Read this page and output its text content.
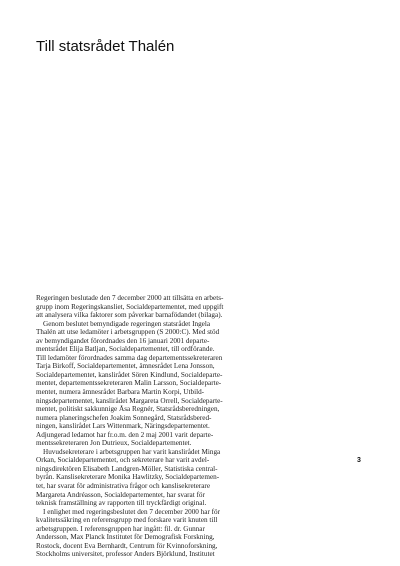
Till statsrådet Thalén

Regeringen beslutade den 7 december 2000 att tillsätta en arbets-
grupp inom Regeringskansliet, Socialdepartementet, med uppgift
att analysera vilka faktorer som påverkar barnafödandet (bilaga).

Genom beslutet bemyndigade regeringen statsrådet Ingela
Thalén att utse ledamöter i arbetsgruppen (S 2000:C). Med stöd
av bemyndigandet förordnades den 16 januari 2001 departe-
mentsrådet Elija Batljan, Socialdepartementet, till ordförande.
Till ledamöter förordnades samma dag departementssekreteraren
Tarja Birkoff, Socialdepartementet, ämnesrådet Lena Jonsson,
Socialdepartementet, kanslirådet Sören Kindlund, Socialdeparte-
mentet, departementssekreteraren Malin Larsson, Socialdeparte-
mentet, numera ämnesrådet Barbara Martin Korpi, Utbild-
ningsdepartementet, kanslirådet Margareta Orrell, Socialdeparte-
mentet, politiskt sakkunnige Åsa Regnér, Statsrådsberedningen,
numera planeringschefen Joakim Sonnegård, Statsrådsbered-
ningen, kanslirådet Lars Wittenmark, Näringsdepartementet.
Adjungerad ledamot har fr.o.m. den 2 maj 2001 varit departe-
mentssekreteraren Jon Dutrieux, Socialdepartementet.

Huvudsekreterare i arbetsgruppen har varit kanslirådet Minga
Orkan, Socialdepartementet, och sekreterare har varit avdel-
ningsdirektören Elisabeth Landgren-Möller, Statistiska central-
byrån. Kanslisekreterare Monika Hawlitzky, Socialdepartemen-
tet, har svarat för administrativa frågor och kanslisekreterare
Margareta Andréasson, Socialdepartementet, har svarat för
teknisk framställning av rapporten till tryckfärdigt original.

I enlighet med regeringsbeslutet den 7 december 2000 har för
kvalitetssäkring en referensgrupp med forskare varit knuten till
arbetsgruppen. I referensgruppen har ingått: fil. dr. Gunnar
Andersson, Max Planck Institutet för Demografisk Forskning,
Rostock, docent Eva Bernhardt, Centrum för Kvinnoforskning,
Stockholms universitet, professor Anders Björklund, Institutet

3
